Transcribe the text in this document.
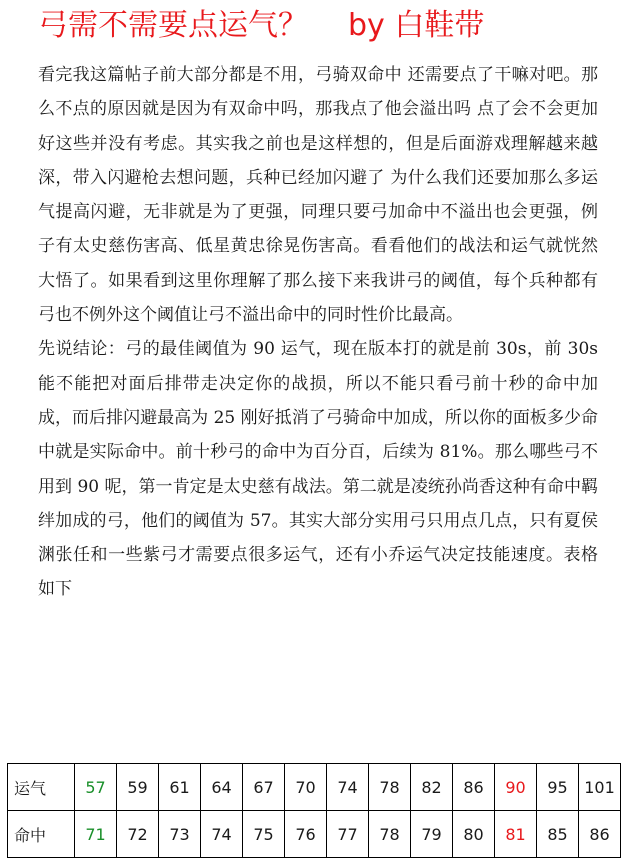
弓需不需要点运气？ by 白鞋带

看完我这篇帖子前大部分都是不用，弓骑双命中 还需要点了干嘛对吧。那么不点的原因就是因为有双命中吗，那我点了他会溢出吗 点了会不会更加好这些并没有考虑。其实我之前也是这样想的，但是后面游戏理解越来越深，带入闪避枪去想问题，兵种已经加闪避了 为什么我们还要加那么多运气提高闪避，无非就是为了更强，同理只要弓加命中不溢出也会更强，例子有太史慈伤害高、低星黄忠徐晃伤害高。看看他们的战法和运气就恍然大悟了。如果看到这里你理解了那么接下来我讲弓的阈值，每个兵种都有弓也不例外这个阈值让弓不溢出命中的同时性价比最高。

先说结论：弓的最佳阈值为 90 运气，现在版本打的就是前 30s，前 30s 能不能把对面后排带走决定你的战损，所以不能只看弓前十秒的命中加成，而后排闪避最高为 25 刚好抵消了弓骑命中加成，所以你的面板多少命中就是实际命中。前十秒弓的命中为百分百，后续为 81%。那么哪些弓不用到 90 呢，第一肯定是太史慈有战法。第二就是凌统孙尚香这种有命中羁绊加成的弓，他们的阈值为 57。其实大部分实用弓只用点几点，只有夏侯渊张任和一些紫弓才需要点很多运气，还有小乔运气决定技能速度。表格如下

运气	57	59	61	64	67	70	74	78	82	86	90	95	101
命中	71	72	73	74	75	76	77	78	79	80	81	85	86
